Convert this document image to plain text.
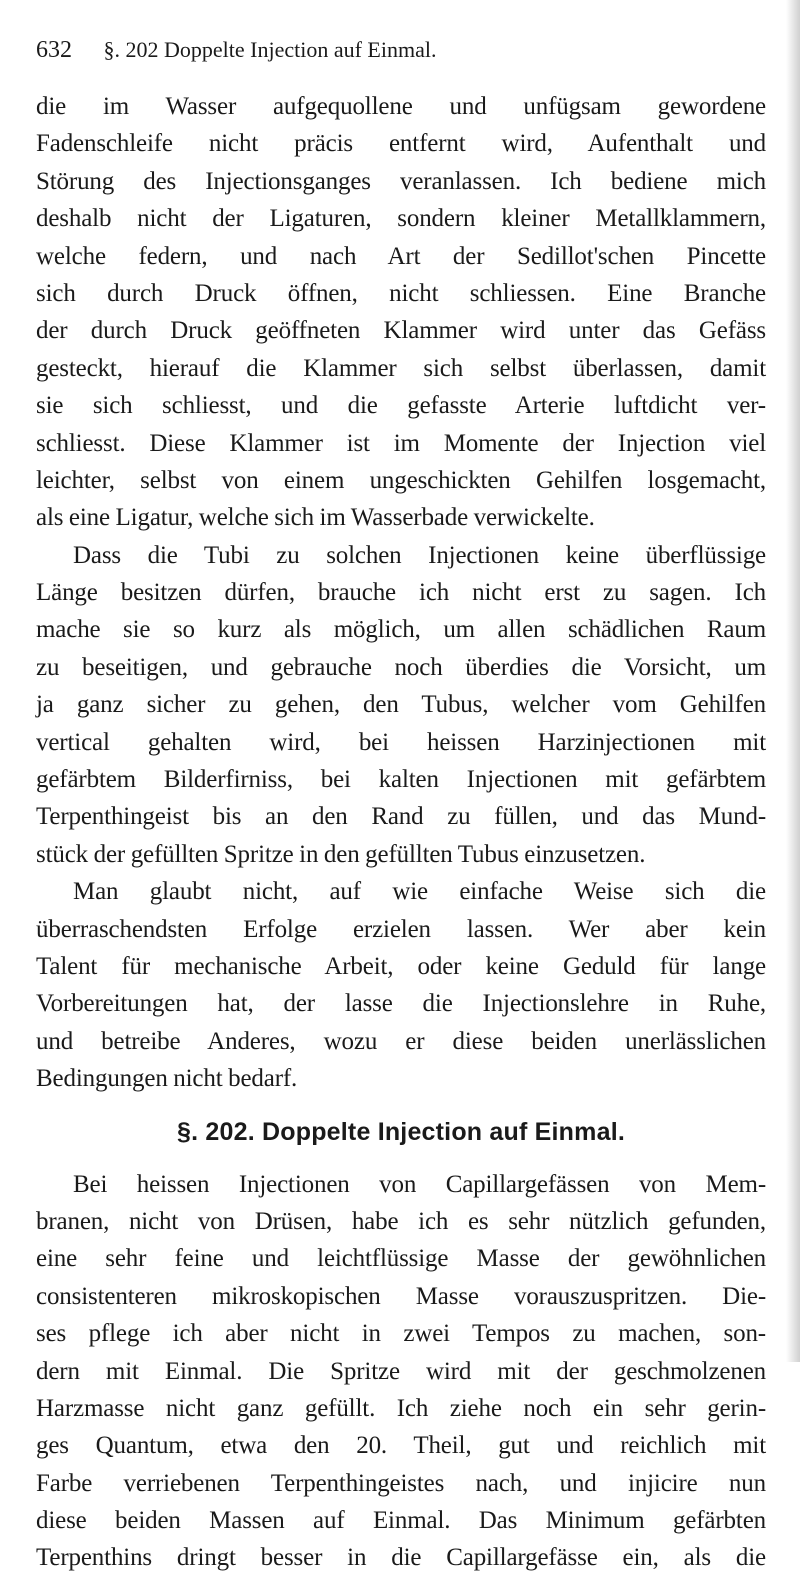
632 §. 202 Doppelte Injection auf Einmal.
die im Wasser aufgequollene und unfügsam gewordene
Fadenschleife nicht präcis entfernt wird, Aufenthalt und
Störung des Injectionsganges veranlassen. Ich bediene mich
deshalb nicht der Ligaturen, sondern kleiner Metallklammern,
welche federn, und nach Art der Sedillot'schen Pincette
sich durch Druck öffnen, nicht schliessen. Eine Branche
der durch Druck geöffneten Klammer wird unter das Gefäss
gesteckt, hierauf die Klammer sich selbst überlassen, damit
sie sich schliesst, und die gefasste Arterie luftdicht ver-
schliesst. Diese Klammer ist im Momente der Injection viel
leichter, selbst von einem ungeschickten Gehilfen losgemacht,
als eine Ligatur, welche sich im Wasserbade verwickelte.
Dass die Tubi zu solchen Injectionen keine überflüssige
Länge besitzen dürfen, brauche ich nicht erst zu sagen. Ich
mache sie so kurz als möglich, um allen schädlichen Raum
zu beseitigen, und gebrauche noch überdies die Vorsicht, um
ja ganz sicher zu gehen, den Tubus, welcher vom Gehilfen
vertical gehalten wird, bei heissen Harzinjectionen mit
gefärbtem Bilderfirniss, bei kalten Injectionen mit gefärbtem
Terpenthingeist bis an den Rand zu füllen, und das Mund-
stück der gefüllten Spritze in den gefüllten Tubus einzusetzen.
Man glaubt nicht, auf wie einfache Weise sich die
überraschendsten Erfolge erzielen lassen. Wer aber kein
Talent für mechanische Arbeit, oder keine Geduld für lange
Vorbereitungen hat, der lasse die Injectionslehre in Ruhe,
und betreibe Anderes, wozu er diese beiden unerlässlichen
Bedingungen nicht bedarf.
§. 202. Doppelte Injection auf Einmal.
Bei heissen Injectionen von Capillargefässen von Mem-
branen, nicht von Drüsen, habe ich es sehr nützlich gefunden,
eine sehr feine und leichtflüssige Masse der gewöhnlichen
consistenteren mikroskopischen Masse vorauszuspritzen. Die-
ses pflege ich aber nicht in zwei Tempos zu machen, son-
dern mit Einmal. Die Spritze wird mit der geschmolzenen
Harzmasse nicht ganz gefüllt. Ich ziehe noch ein sehr gerin-
ges Quantum, etwa den 20. Theil, gut und reichlich mit
Farbe verriebenen Terpenthingeistes nach, und injicire nun
diese beiden Massen auf Einmal. Das Minimum gefärbten
Terpenthins dringt besser in die Capillargefässe ein, als die
